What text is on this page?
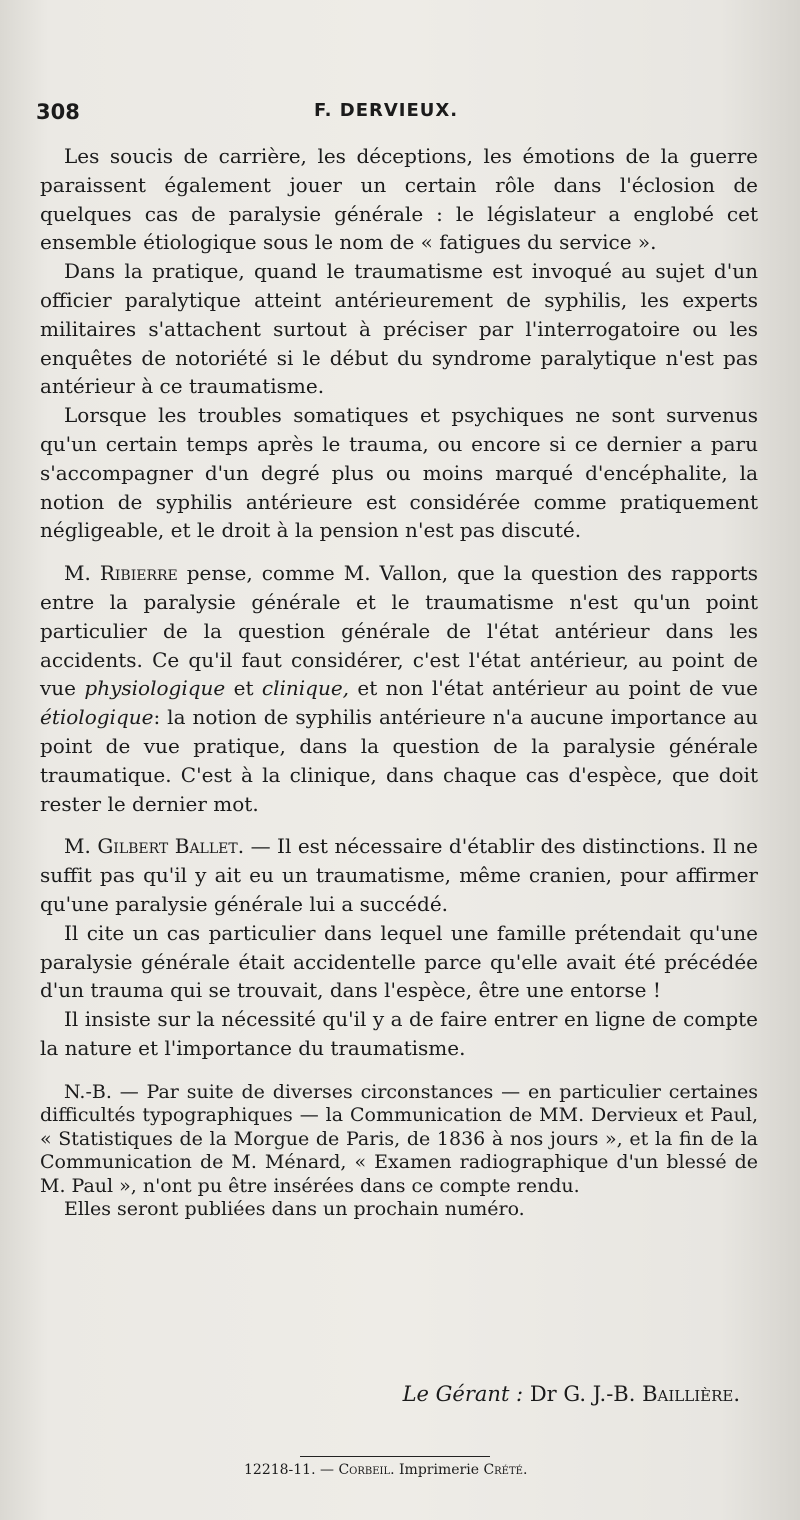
308	F. DERVIEUX.

Les soucis de carrière, les déceptions, les émotions de la guerre paraissent également jouer un certain rôle dans l'éclosion de quelques cas de paralysie générale : le législateur a englobé cet ensemble étiologique sous le nom de « fatigues du service ».

Dans la pratique, quand le traumatisme est invoqué au sujet d'un officier paralytique atteint antérieurement de syphilis, les experts militaires s'attachent surtout à préciser par l'interrogatoire ou les enquêtes de notoriété si le début du syndrome paralytique n'est pas antérieur à ce traumatisme.

Lorsque les troubles somatiques et psychiques ne sont survenus qu'un certain temps après le trauma, ou encore si ce dernier a paru s'accompagner d'un degré plus ou moins marqué d'encéphalite, la notion de syphilis antérieure est considérée comme pratiquement négligeable, et le droit à la pension n'est pas discuté.

M. Ribierre pense, comme M. Vallon, que la question des rapports entre la paralysie générale et le traumatisme n'est qu'un point particulier de la question générale de l'état antérieur dans les accidents. Ce qu'il faut considérer, c'est l'état antérieur, au point de vue physiologique et clinique, et non l'état antérieur au point de vue étiologique: la notion de syphilis antérieure n'a aucune importance au point de vue pratique, dans la question de la paralysie générale traumatique. C'est à la clinique, dans chaque cas d'espèce, que doit rester le dernier mot.

M. Gilbert Ballet. — Il est nécessaire d'établir des distinctions. Il ne suffit pas qu'il y ait eu un traumatisme, même cranien, pour affirmer qu'une paralysie générale lui a succédé.

Il cite un cas particulier dans lequel une famille prétendait qu'une paralysie générale était accidentelle parce qu'elle avait été précédée d'un trauma qui se trouvait, dans l'espèce, être une entorse !

Il insiste sur la nécessité qu'il y a de faire entrer en ligne de compte la nature et l'importance du traumatisme.

N.-B. — Par suite de diverses circonstances — en particulier certaines difficultés typographiques — la Communication de MM. Dervieux et Paul, « Statistiques de la Morgue de Paris, de 1836 à nos jours », et la fin de la Communication de M. Ménard, « Examen radiographique d'un blessé de M. Paul », n'ont pu être insérées dans ce compte rendu.

Elles seront publiées dans un prochain numéro.

Le Gérant : Dr G. J.-B. Baillière.
12218-11. — Corbeil. Imprimerie Crété.
